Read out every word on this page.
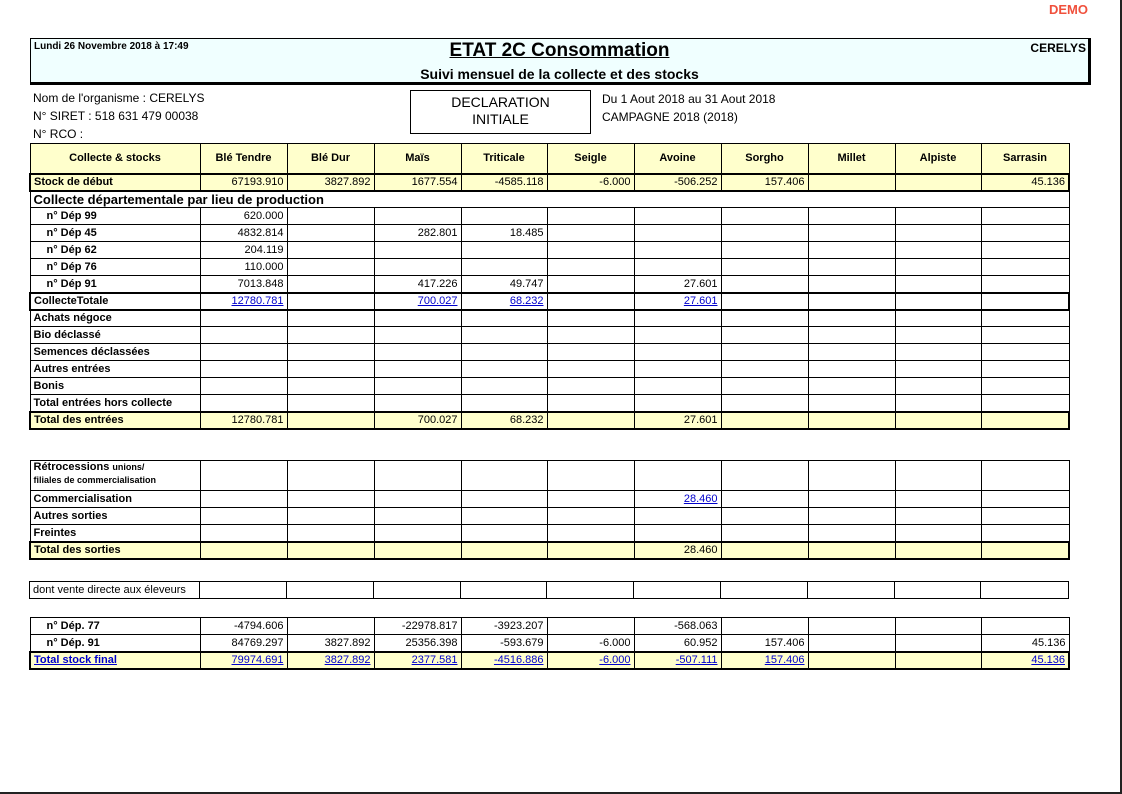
DEMO
Lundi 26 Novembre 2018 à 17:49	ETAT 2C Consommation
Suivi mensuel de la collecte et des stocks
CERELYS
Nom de l'organisme : CERELYS
N° SIRET : 518 631 479 00038
N° RCO :
DECLARATION
INITIALE
Du 1 Aout 2018 au 31 Aout 2018
CAMPAGNE 2018 (2018)
Collecte & stocks	Blé Tendre	Blé Dur	Maïs	Triticale	Seigle	Avoine	Sorgho	Millet	Alpiste	Sarrasin
Stock de début	67193.910	3827.892	1677.554	-4585.118	-6.000	-506.252	157.406			45.136
Collecte départementale par lieu de production										
n° Dép 99	620.000									
n° Dép 45	4832.814		282.801	18.485						
n° Dép 62	204.119									
n° Dép 76	110.000									
n° Dép 91	7013.848		417.226	49.747		27.601				
CollecteTotale	12780.781		700.027	68.232		27.601				
Achats négoce										
Bio déclassé										
Semences déclassées										
Autres entrées										
Bonis										
Total entrées hors collecte										
Total des entrées	12780.781		700.027	68.232		27.601				
Rétrocessions unions/
filiales de commercialisation										
Commercialisation						28.460				
Autres sorties										
Freintes										
Total des sorties						28.460				
dont vente directe aux éleveurs										
n° Dép. 77	-4794.606		-22978.817	-3923.207		-568.063				
n° Dép. 91	84769.297	3827.892	25356.398	-593.679	-6.000	60.952	157.406			45.136
Total stock final	79974.691	3827.892	2377.581	-4516.886	-6.000	-507.111	157.406			45.136
